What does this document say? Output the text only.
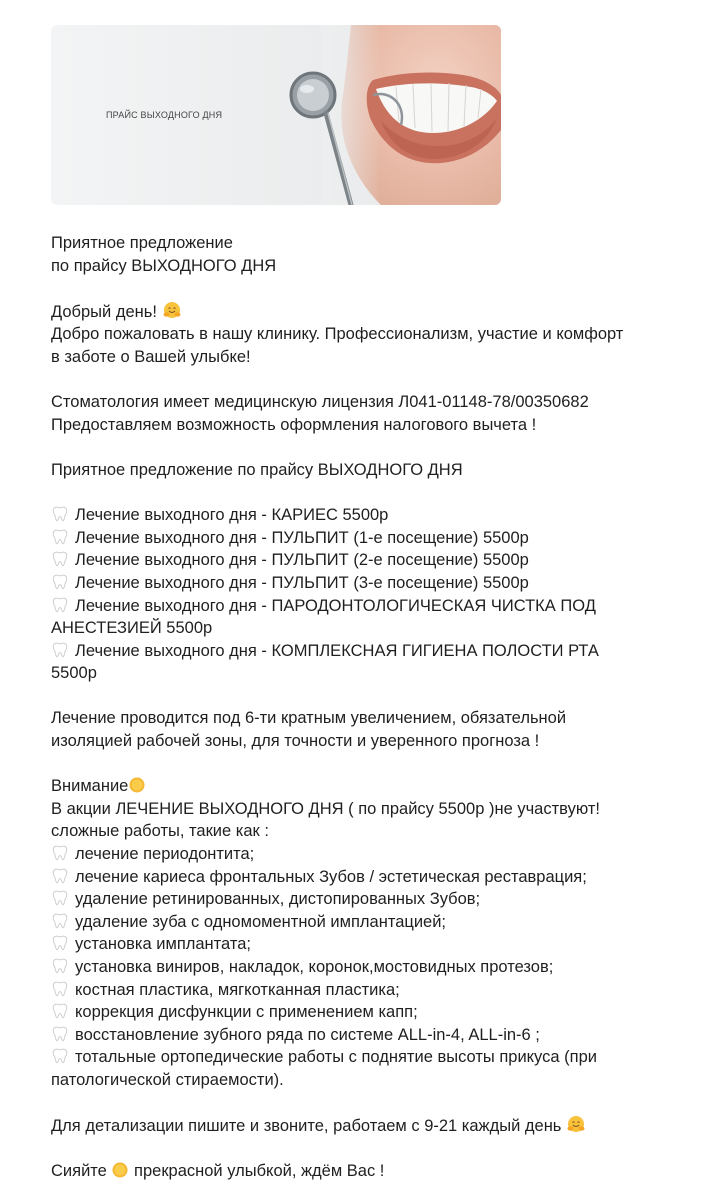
ПРАЙС ВЫХОДНОГО ДНЯ
Приятное предложение
по прайсу ВЫХОДНОГО ДНЯ
Добрый день!
Добро пожаловать в нашу клинику. Профессионализм, участие и комфорт
в заботе о Вашей улыбке!
Стоматология имеет медицинскую лицензия Л041-01148-78/00350682
Предоставляем возможность оформления налогового вычета !
Приятное предложение по прайсу ВЫХОДНОГО ДНЯ
Лечение выходного дня - КАРИЕС 5500р
Лечение выходного дня - ПУЛЬПИТ (1-е посещение) 5500р
Лечение выходного дня - ПУЛЬПИТ (2-е посещение) 5500р
Лечение выходного дня - ПУЛЬПИТ (3-е посещение) 5500р
Лечение выходного дня - ПАРОДОНТОЛОГИЧЕСКАЯ ЧИСТКА ПОД
АНЕСТЕЗИЕЙ 5500р
Лечение выходного дня - КОМПЛЕКСНАЯ ГИГИЕНА ПОЛОСТИ РТА
5500р
Лечение проводится под 6-ти кратным увеличением, обязательной
изоляцией рабочей зоны, для точности и уверенного прогноза !
Внимание
В акции ЛЕЧЕНИЕ ВЫХОДНОГО ДНЯ ( по прайсу 5500р )не участвуют!
сложные работы, такие как :
лечение периодонтита;
лечение кариеса фронтальных Зубов / эстетическая реставрация;
удаление ретинированных, дистопированных Зубов;
удаление зуба с одномоментной имплантацией;
установка имплантата;
установка виниров, накладок, коронок,мостовидных протезов;
костная пластика, мягкотканная пластика;
коррекция дисфункции с применением капп;
восстановление зубного ряда по системе ALL-in-4, ALL-in-6 ;
тотальные ортопедические работы с поднятие высоты прикуса (при
патологической стираемости).
Для детализации пишите и звоните, работаем с 9-21 каждый день
Сияйте прекрасной улыбкой, ждём Вас !
